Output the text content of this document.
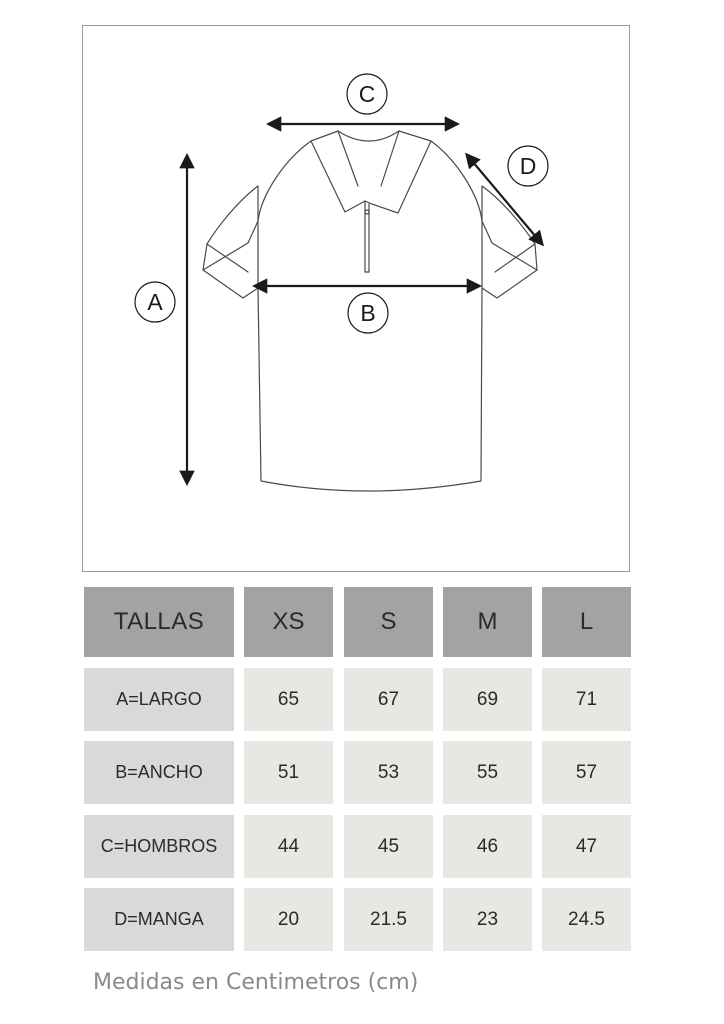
C
D
A	B
TALLAS	XS	S	M	L
A=LARGO	65	67	69	71
B=ANCHO	51	53	55	57
C=HOMBROS	44	45	46	47
D=MANGA	20	21.5	23	24.5
Medidas en Centimetros (cm)
